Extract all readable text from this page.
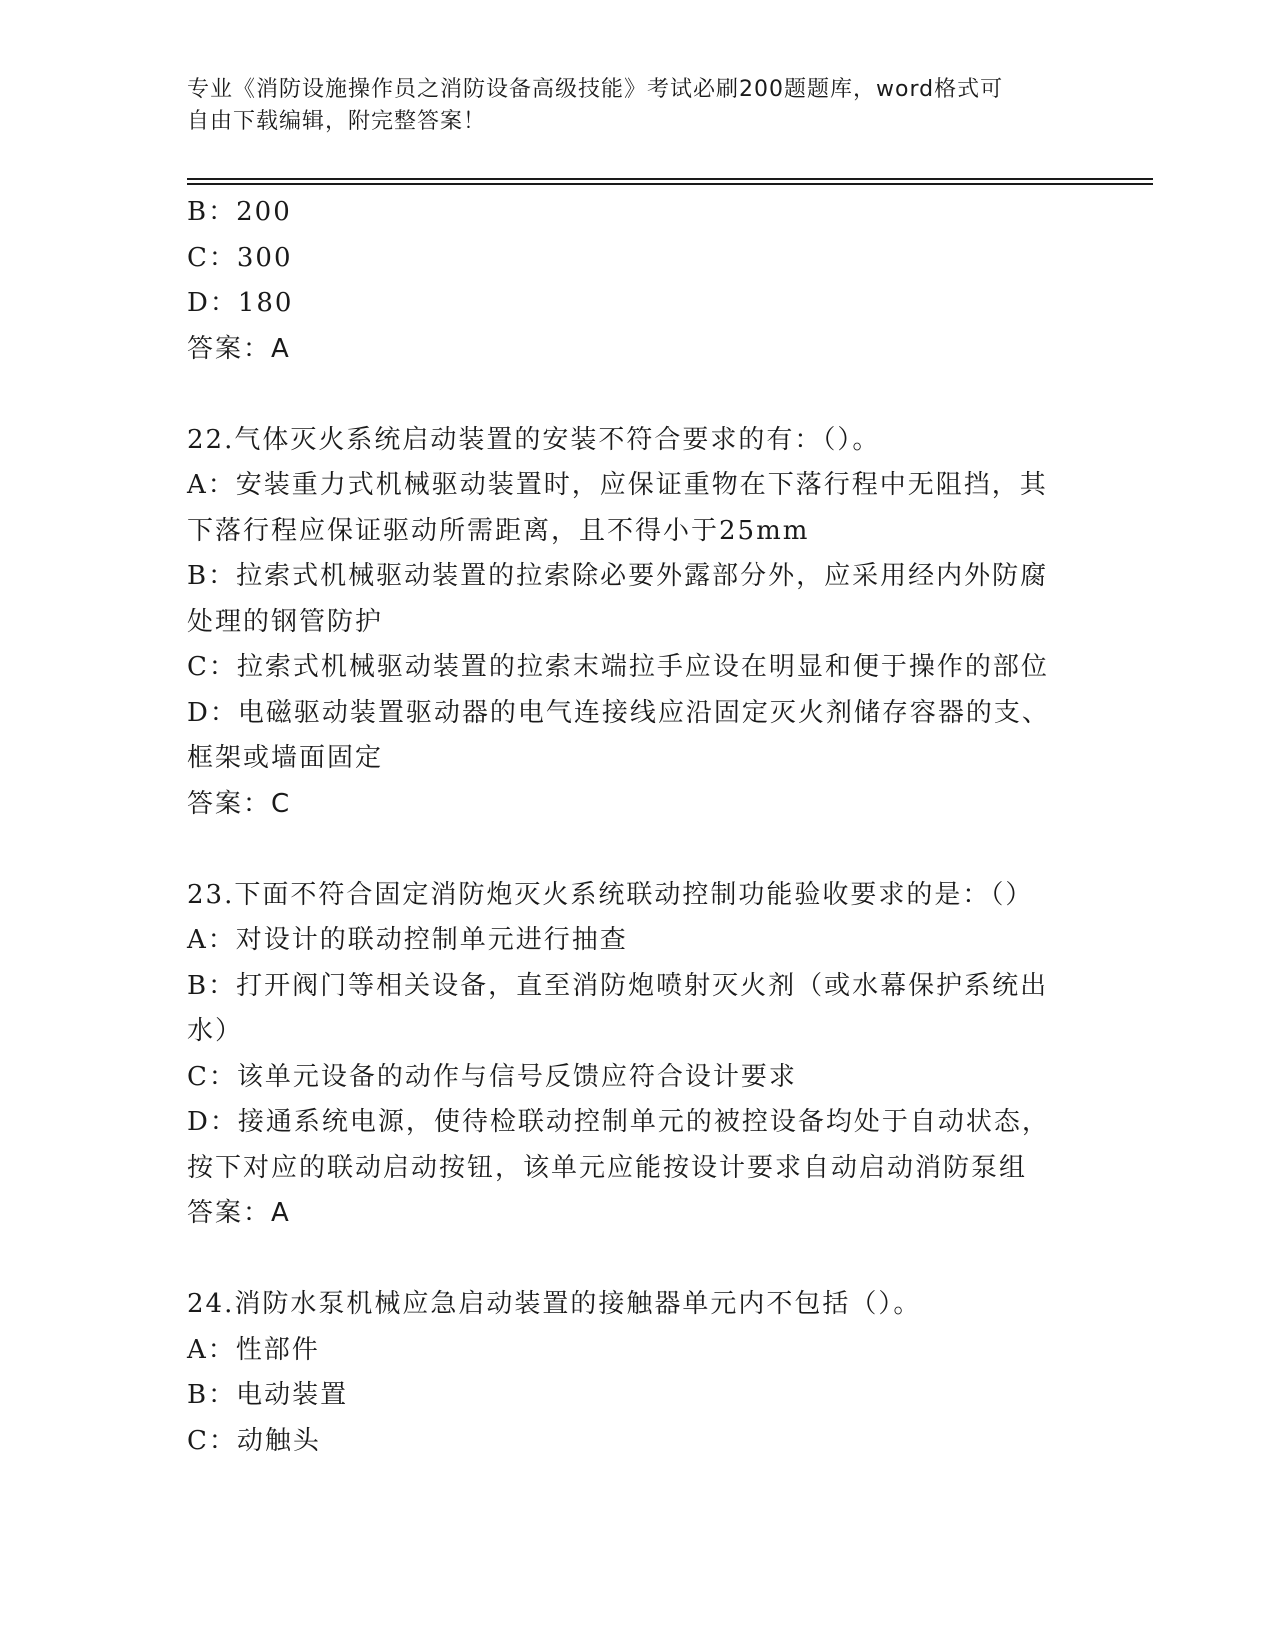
专业《消防设施操作员之消防设备高级技能》考试必刷200题题库，word格式可
自由下载编辑，附完整答案！
B：200
C：300
D：180
答案：A
22.气体灭火系统启动装置的安装不符合要求的有：（）。
A：安装重力式机械驱动装置时，应保证重物在下落行程中无阻挡，其
下落行程应保证驱动所需距离，且不得小于25mm
B：拉索式机械驱动装置的拉索除必要外露部分外，应采用经内外防腐
处理的钢管防护
C：拉索式机械驱动装置的拉索末端拉手应设在明显和便于操作的部位
D：电磁驱动装置驱动器的电气连接线应沿固定灭火剂储存容器的支、
框架或墙面固定
答案：C
23.下面不符合固定消防炮灭火系统联动控制功能验收要求的是：（）
A：对设计的联动控制单元进行抽查
B：打开阀门等相关设备，直至消防炮喷射灭火剂（或水幕保护系统出
水）
C：该单元设备的动作与信号反馈应符合设计要求
D：接通系统电源，使待检联动控制单元的被控设备均处于自动状态，
按下对应的联动启动按钮，该单元应能按设计要求自动启动消防泵组
答案：A
24.消防水泵机械应急启动装置的接触器单元内不包括（）。
A：性部件
B：电动装置
C：动触头
